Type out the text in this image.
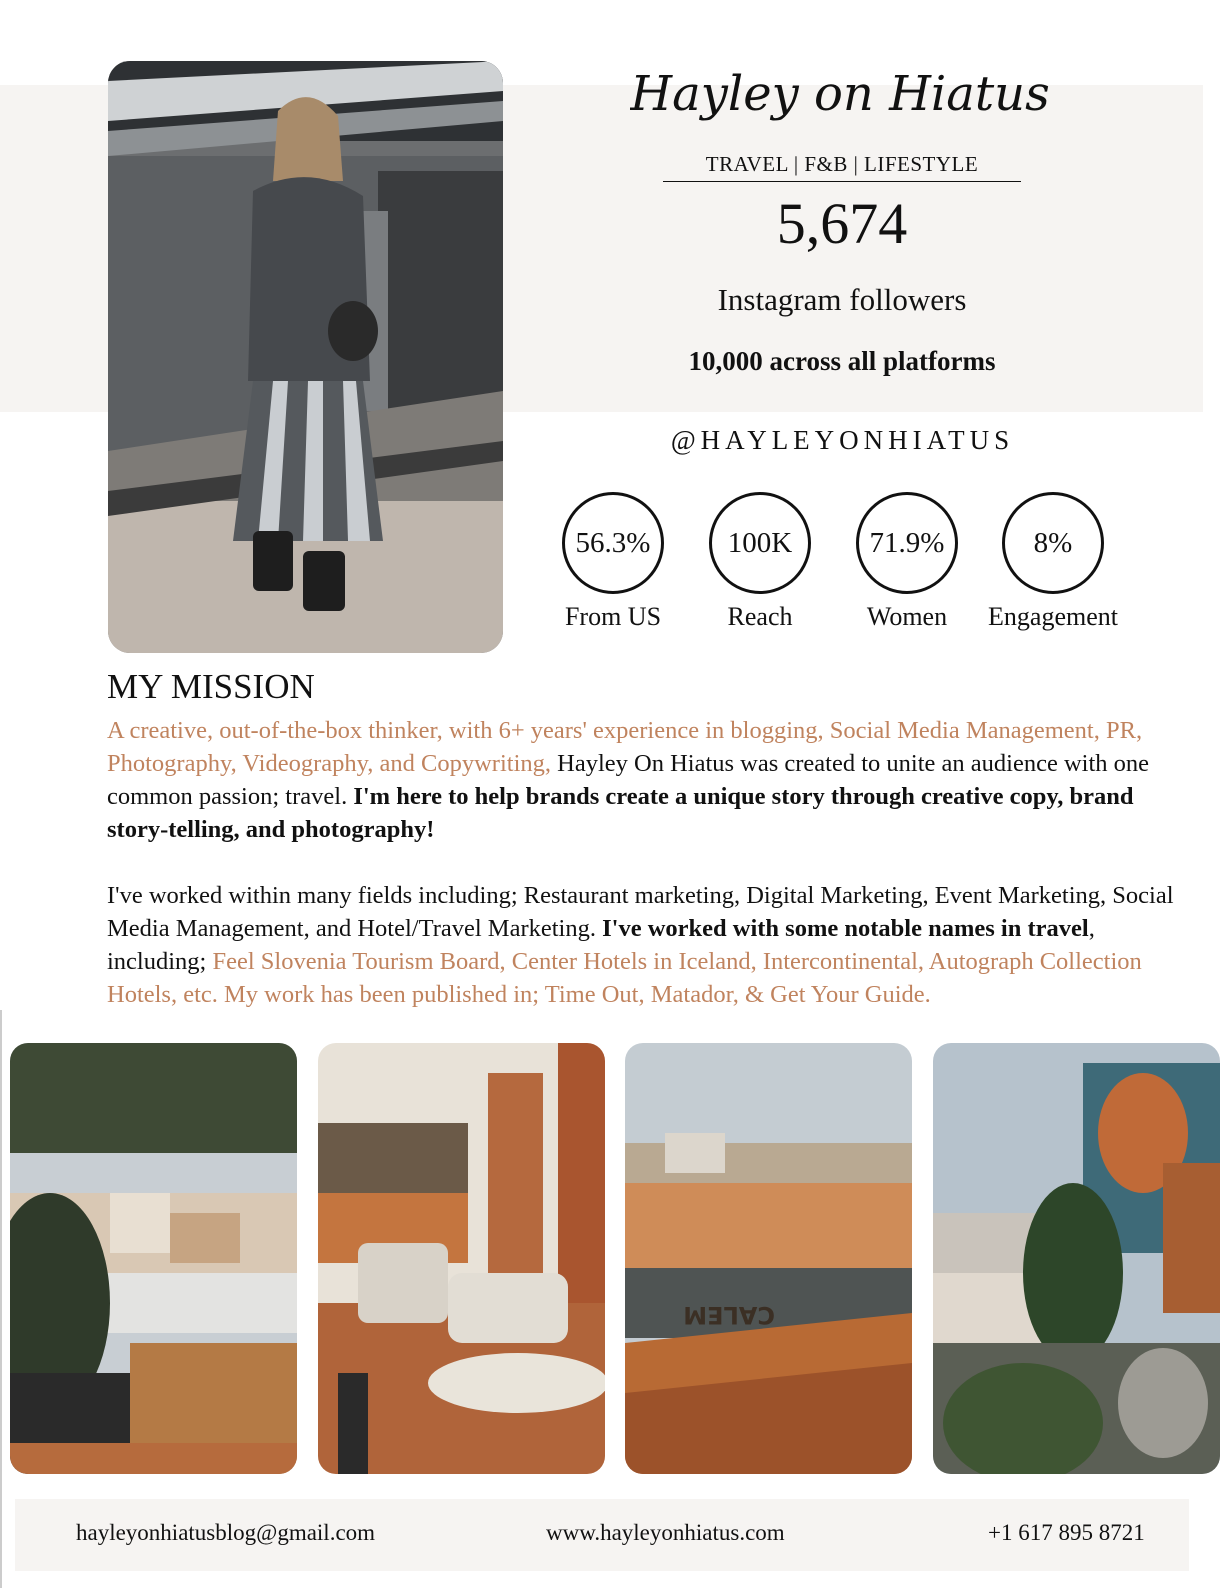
Hayley on Hiatus
TRAVEL | F&B | LIFESTYLE
5,674
Instagram followers
10,000 across all platforms
@HAYLEYONHIATUS
56.3%
From US
100K
Reach
71.9%
Women
8%
Engagement
MY MISSION
A creative, out-of-the-box thinker, with 6+ years' experience in blogging, Social Media Management, PR, Photography, Videography, and Copywriting, Hayley On Hiatus was created to unite an audience with one common passion; travel. I'm here to help brands create a unique story through creative copy, brand story-telling, and photography!
I've worked within many fields including; Restaurant marketing, Digital Marketing, Event Marketing, Social Media Management, and Hotel/Travel Marketing. I've worked with some notable names in travel, including; Feel Slovenia Tourism Board, Center Hotels in Iceland, Intercontinental, Autograph Collection Hotels, etc. My work has been published in; Time Out, Matador, & Get Your Guide.
CALEM
hayleyonhiatusblog@gmail.com	www.hayleyonhiatus.com	+1 617 895 8721
